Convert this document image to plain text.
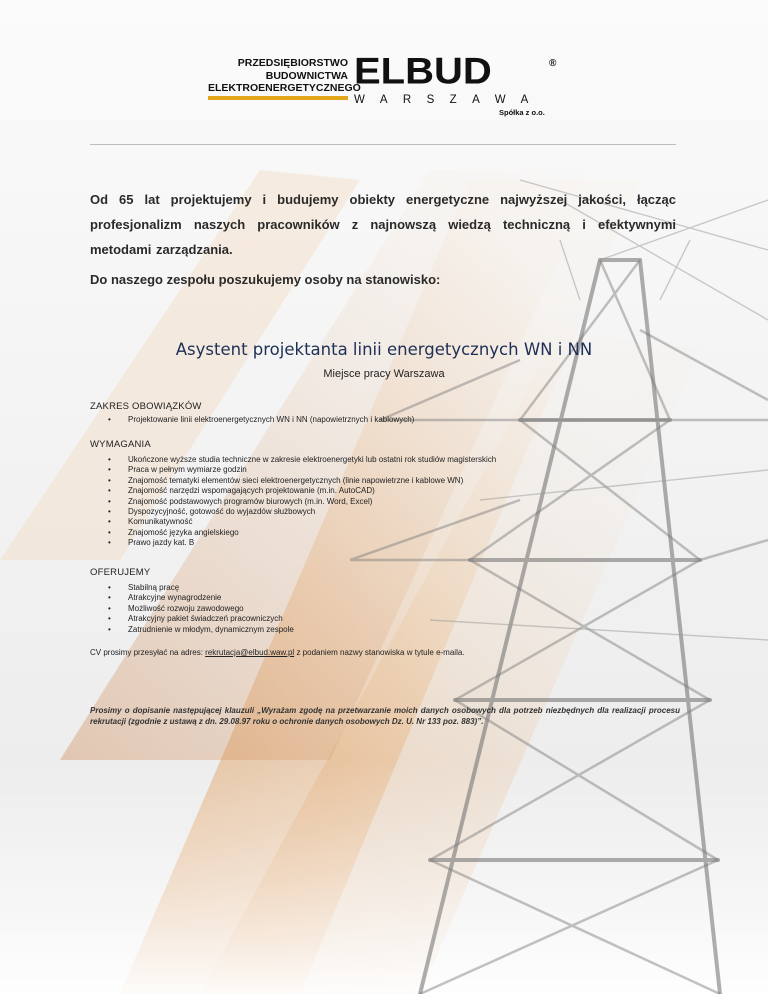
PRZEDSIĘBIORSTWO
BUDOWNICTWA
ELEKTROENERGETYCZNEGO
ELBUD	®
WARSZAWA
Spółka z o.o.
Od 65 lat projektujemy i budujemy obiekty energetyczne najwyższej jakości, łącząc profesjonalizm naszych pracowników z najnowszą wiedzą techniczną i efektywnymi metodami zarządzania.
Do naszego zespołu poszukujemy osoby na stanowisko:
Asystent projektanta linii energetycznych WN i NN
Miejsce pracy Warszawa
ZAKRES OBOWIĄZKÓW
• Projektowanie linii elektroenergetycznych WN i NN (napowietrznych i kablowych)
WYMAGANIA
• Ukończone wyższe studia techniczne w zakresie elektroenergetyki lub ostatni rok studiów magisterskich
• Praca w pełnym wymiarze godzin
• Znajomość tematyki elementów sieci elektroenergetycznych (linie napowietrzne i kablowe WN)
• Znajomość narzędzi wspomagających projektowanie (m.in. AutoCAD)
• Znajomość podstawowych programów biurowych (m.in. Word, Excel)
• Dyspozycyjność, gotowość do wyjazdów służbowych
• Komunikatywność
• Znajomość języka angielskiego
• Prawo jazdy kat. B
OFERUJEMY
• Stabilną pracę
• Atrakcyjne wynagrodzenie
• Możliwość rozwoju zawodowego
• Atrakcyjny pakiet świadczeń pracowniczych
• Zatrudnienie w młodym, dynamicznym zespole
CV prosimy przesyłać na adres: rekrutacja@elbud.waw.pl z podaniem nazwy stanowiska w tytule e-maila.
Prosimy o dopisanie następującej klauzuli „Wyrażam zgodę na przetwarzanie moich danych osobowych dla potrzeb niezbędnych dla realizacji procesu rekrutacji (zgodnie z ustawą z dn. 29.08.97 roku o ochronie danych osobowych Dz. U. Nr 133 poz. 883)”.
